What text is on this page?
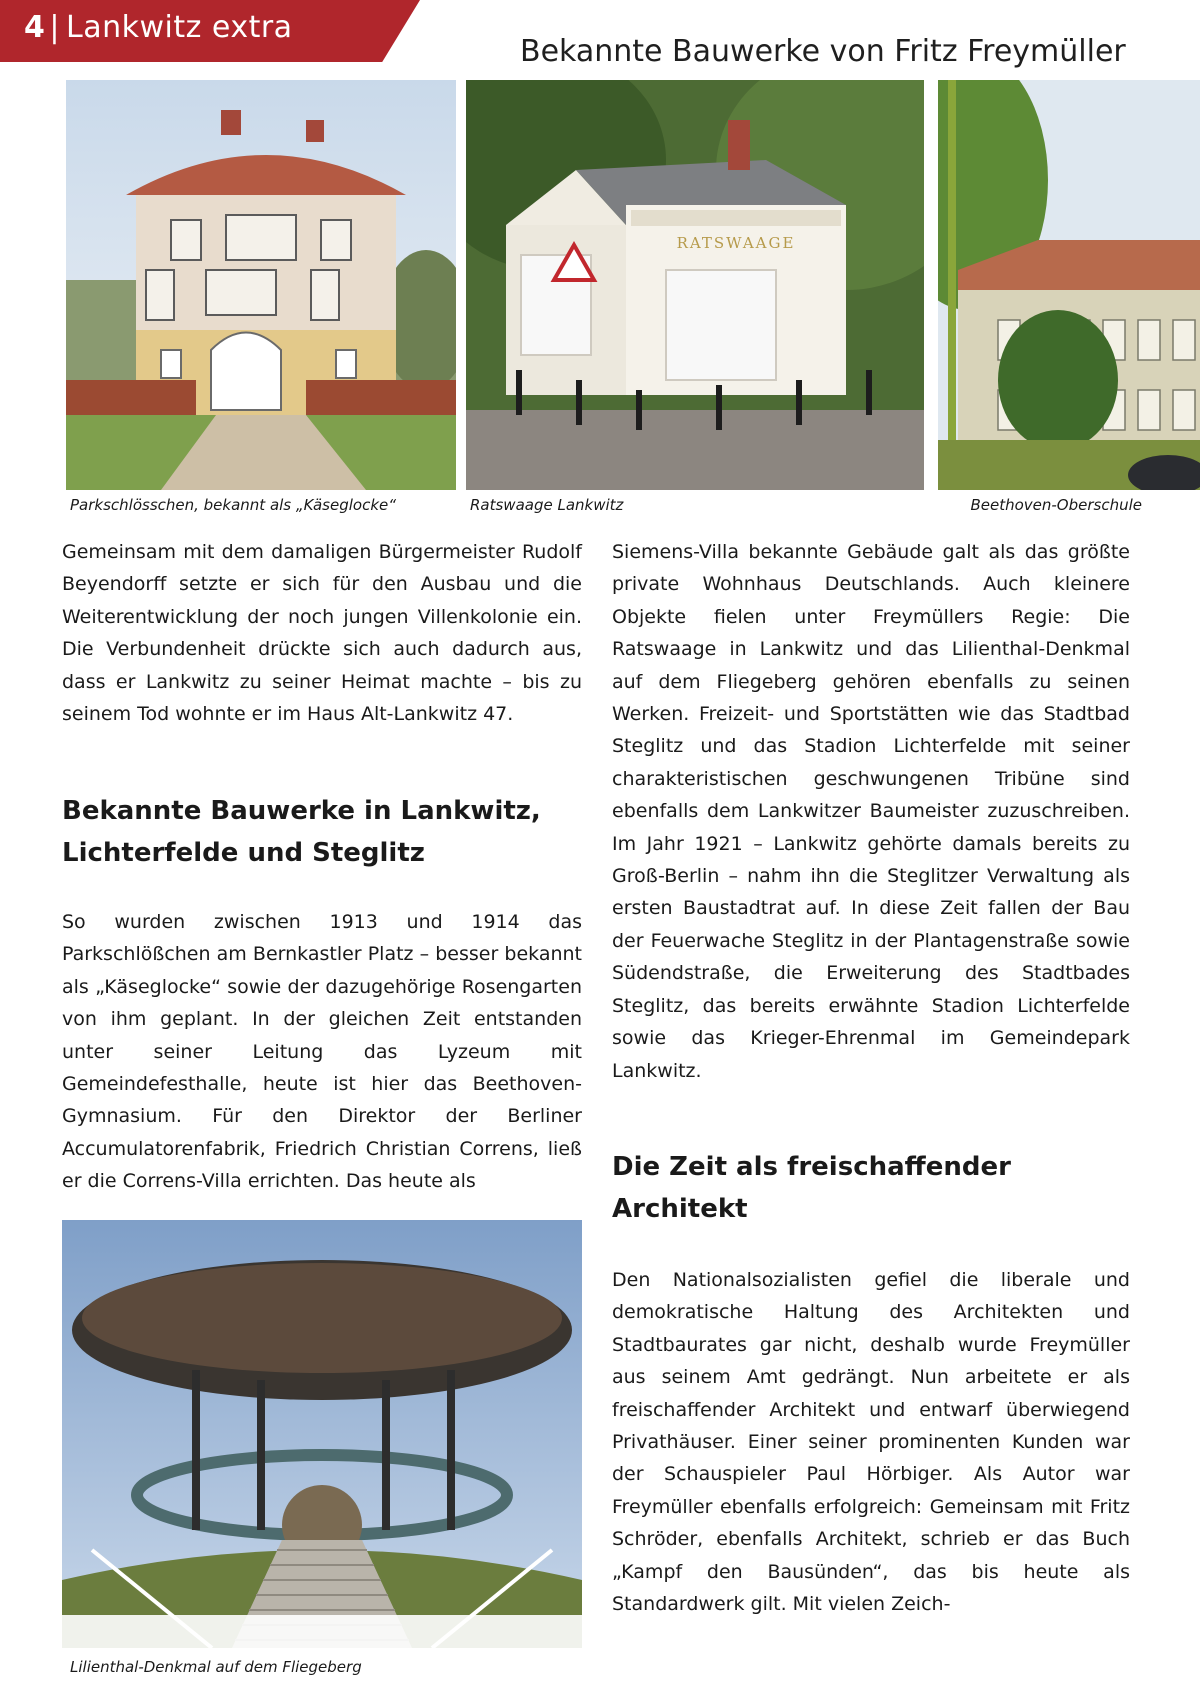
4 | Lankwitz extra
Bekannte Bauwerke von Fritz Freymüller
RATSWAAGE
Parkschlösschen, bekannt als „Käseglocke“	Ratswaage Lankwitz	Beethoven-Oberschule
Gemeinsam mit dem damaligen Bürgermeister Rudolf Beyendorff setzte er sich für den Ausbau und die Weiterentwicklung der noch jungen Villenkolonie ein. Die Verbundenheit drückte sich auch dadurch aus, dass er Lankwitz zu seiner Heimat machte – bis zu seinem Tod wohnte er im Haus Alt-Lankwitz 47.
Bekannte Bauwerke in Lankwitz, Lichterfelde und Steglitz
So wurden zwischen 1913 und 1914 das Parkschlößchen am Bernkastler Platz – besser bekannt als „Käseglocke“ sowie der dazugehörige Rosengarten von ihm geplant. In der gleichen Zeit entstanden unter seiner Leitung das Lyzeum mit Gemeindefesthalle, heute ist hier das Beethoven-Gymnasium. Für den Direktor der Berliner Accumulatorenfabrik, Friedrich Christian Correns, ließ er die Correns-Villa errichten. Das heute als
Lilienthal-Denkmal auf dem Fliegeberg
Siemens-Villa bekannte Gebäude galt als das größte private Wohnhaus Deutschlands. Auch kleinere Objekte fielen unter Freymüllers Regie: Die Ratswaage in Lankwitz und das Lilienthal-Denkmal auf dem Fliegeberg gehören ebenfalls zu seinen Werken. Freizeit- und Sportstätten wie das Stadtbad Steglitz und das Stadion Lichterfelde mit seiner charakteristischen geschwungenen Tribüne sind ebenfalls dem Lankwitzer Baumeister zuzuschreiben. Im Jahr 1921 – Lankwitz gehörte damals bereits zu Groß-Berlin – nahm ihn die Steglitzer Verwaltung als ersten Baustadtrat auf. In diese Zeit fallen der Bau der Feuerwache Steglitz in der Plantagenstraße sowie Südendstraße, die Erweiterung des Stadtbades Steglitz, das bereits erwähnte Stadion Lichterfelde sowie das Krieger-Ehrenmal im Gemeindepark Lankwitz.
Die Zeit als freischaffender Architekt
Den Nationalsozialisten gefiel die liberale und demokratische Haltung des Architekten und Stadtbaurates gar nicht, deshalb wurde Freymüller aus seinem Amt gedrängt. Nun arbeitete er als freischaffender Architekt und entwarf überwiegend Privathäuser. Einer seiner prominenten Kunden war der Schauspieler Paul Hörbiger. Als Autor war Freymüller ebenfalls erfolgreich: Gemeinsam mit Fritz Schröder, ebenfalls Architekt, schrieb er das Buch „Kampf den Bausünden“, das bis heute als Standardwerk gilt. Mit vielen Zeich-
